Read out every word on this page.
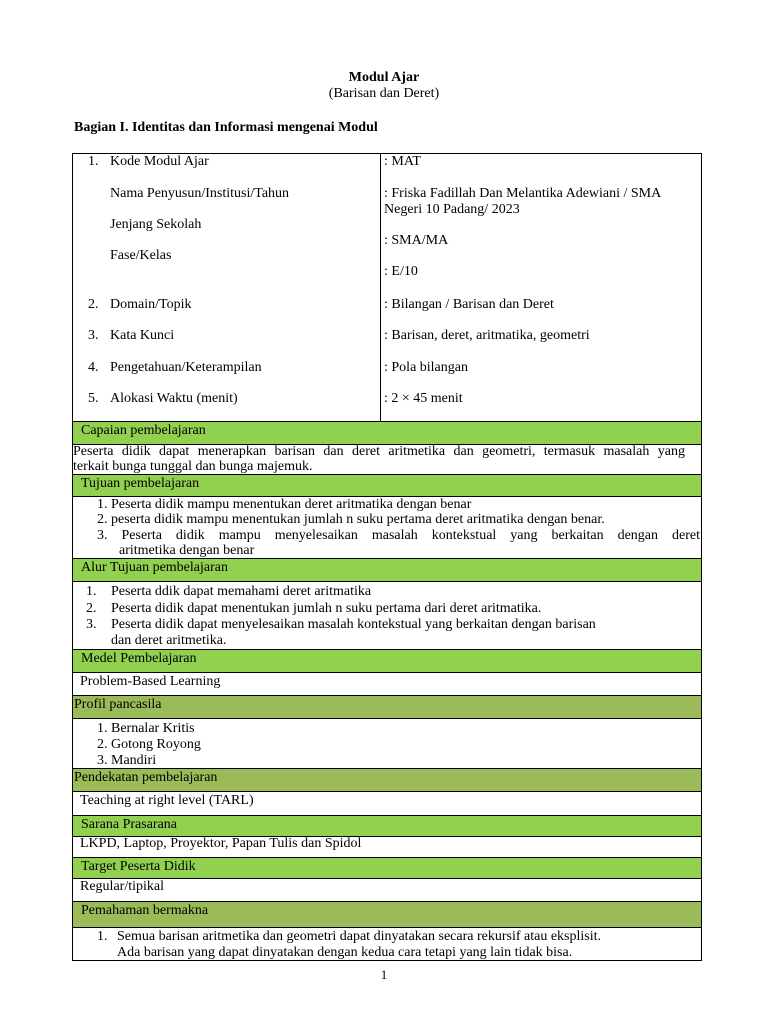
Modul Ajar
(Barisan dan Deret)
Bagian I. Identitas dan Informasi mengenai Modul
1. Kode Modul Ajar	: MAT
Nama Penyusun/Institusi/Tahun	: Friska Fadillah Dan Melantika Adewiani / SMA
Negeri 10 Padang/ 2023
Jenjang Sekolah
: SMA/MA
Fase/Kelas
: E/10
2. Domain/Topik	: Bilangan / Barisan dan Deret
3. Kata Kunci	: Barisan, deret, aritmatika, geometri
4. Pengetahuan/Keterampilan	: Pola bilangan
5. Alokasi Waktu (menit)	: 2 × 45 menit
Capaian pembelajaran
Peserta didik dapat menerapkan barisan dan deret aritmetika dan geometri, termasuk masalah yang
terkait bunga tunggal dan bunga majemuk.
Tujuan pembelajaran
1. Peserta didik mampu menentukan deret aritmatika dengan benar
2. peserta didik mampu menentukan jumlah n suku pertama deret aritmatika dengan benar.
3. Peserta didik mampu menyelesaikan masalah kontekstual yang berkaitan dengan deret
aritmetika dengan benar
Alur Tujuan pembelajaran
1. Peserta ddik dapat memahami deret aritmatika
2. Peserta didik dapat menentukan jumlah n suku pertama dari deret aritmatika.
3. Peserta didik dapat menyelesaikan masalah kontekstual yang berkaitan dengan barisan
dan deret aritmetika.
Medel Pembelajaran
Problem-Based Learning
Profil pancasila
1. Bernalar Kritis
2. Gotong Royong
3. Mandiri
Pendekatan pembelajaran
Teaching at right level (TARL)
Sarana Prasarana
LKPD, Laptop, Proyektor, Papan Tulis dan Spidol
Target Peserta Didik
Regular/tipikal
Pemahaman bermakna
1. Semua barisan aritmetika dan geometri dapat dinyatakan secara rekursif atau eksplisit.
Ada barisan yang dapat dinyatakan dengan kedua cara tetapi yang lain tidak bisa.
1
